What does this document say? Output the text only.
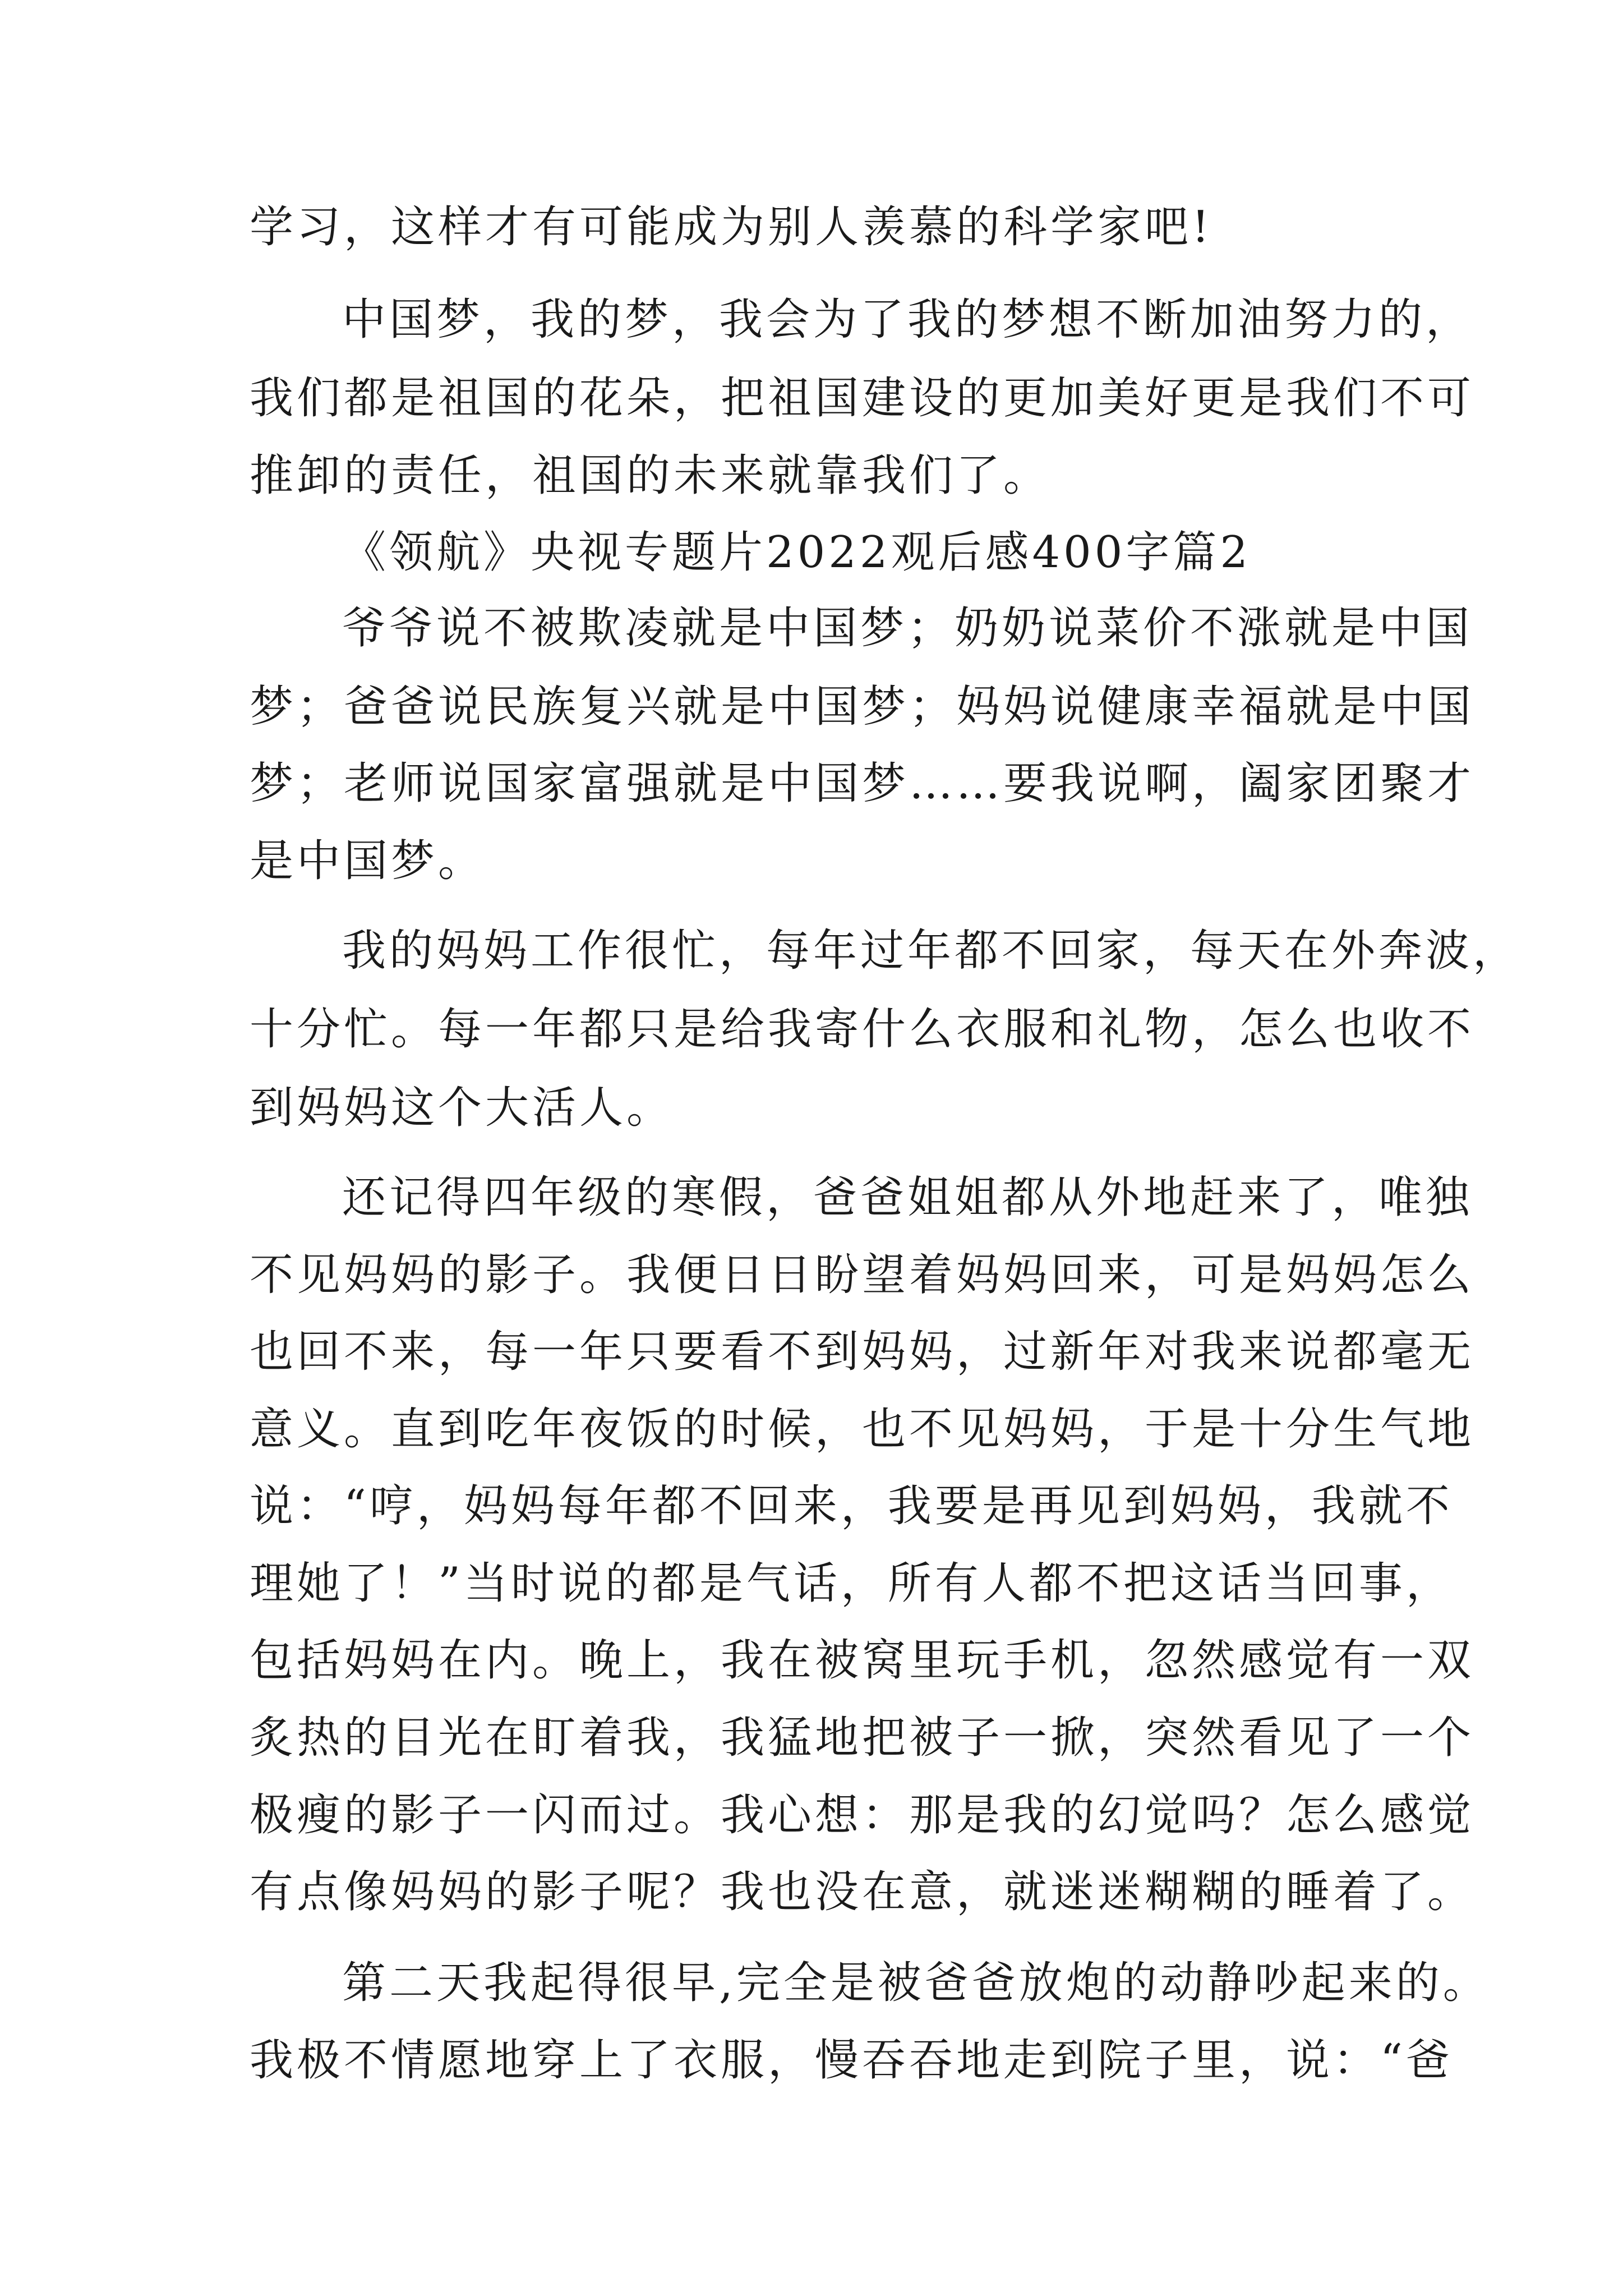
学习，这样才有可能成为别人羡慕的科学家吧!
中国梦，我的梦，我会为了我的梦想不断加油努力的，
我们都是祖国的花朵，把祖国建设的更加美好更是我们不可
推卸的责任，祖国的未来就靠我们了。
《领航》央视专题片2022观后感400字篇2
爷爷说不被欺凌就是中国梦；奶奶说菜价不涨就是中国
梦；爸爸说民族复兴就是中国梦；妈妈说健康幸福就是中国
梦；老师说国家富强就是中国梦……要我说啊，阖家团聚才
是中国梦。
我的妈妈工作很忙，每年过年都不回家，每天在外奔波，
十分忙。每一年都只是给我寄什么衣服和礼物，怎么也收不
到妈妈这个大活人。
还记得四年级的寒假，爸爸姐姐都从外地赶来了，唯独
不见妈妈的影子。我便日日盼望着妈妈回来，可是妈妈怎么
也回不来，每一年只要看不到妈妈，过新年对我来说都毫无
意义。直到吃年夜饭的时候，也不见妈妈，于是十分生气地
说：“哼，妈妈每年都不回来，我要是再见到妈妈，我就不
理她了！”当时说的都是气话，所有人都不把这话当回事，
包括妈妈在内。晚上，我在被窝里玩手机，忽然感觉有一双
炙热的目光在盯着我，我猛地把被子一掀，突然看见了一个
极瘦的影子一闪而过。我心想：那是我的幻觉吗？怎么感觉
有点像妈妈的影子呢？我也没在意，就迷迷糊糊的睡着了。
第二天我起得很早,完全是被爸爸放炮的动静吵起来的。
我极不情愿地穿上了衣服，慢吞吞地走到院子里，说：“爸
